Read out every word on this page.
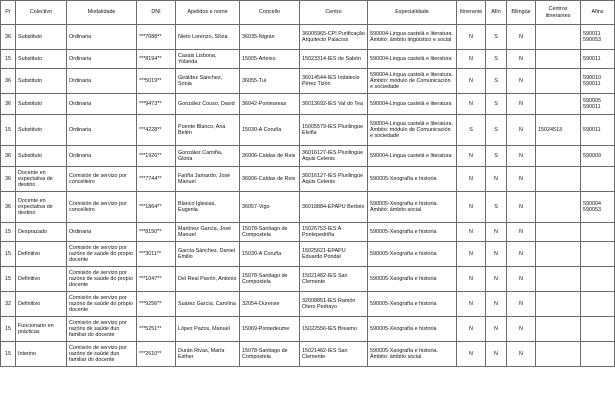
Pr	Colectivo	Modalidade	DNI	Apelidos e nome	Concello	Centro	Especialidade	Itinerante	Afín	Bilingüe	Centros itinerantes	Afins
36	Substituto	Ordinaria	***7088**	Nieto Lorenzo, Silvia	36035-Nigrán	36005965-CPI Purificação Arquitecto Palacios	590004-Lingua castelá e literatura. Ámbito: ámbito lingüístico e social	N	S	N		590011 590053
15	Substituto	Ordinaria	***8194**	Casais Lisbona, Yolanda	15005-Arteixo	15023314-IES de Sabón	590004-Lingua castelá e literatura	N	S	N		590011
36	Substituto	Ordinaria	***5019**	Giráldez Sánchez, Sonia	36055-Tui	36014544-IES Indalecio Pérez Tizón	590004-Lingua castelá e literatura. Ámbito: módulo de Comunicación e sociedade	N	S	N		590010 590011
36	Substituto	Ordinaria	***9473**	González Couso, David	36042-Ponteareas	36013692-IES Val do Tea	590004-Lingua castelá e literatura	N	S	N		590005 590011
15	Substituto	Ordinaria	***4228**	Puente Blanco, Ana Belén	15030-A Coruña	15005579-IES Plurilingüe Elviña	590004-Lingua castelá e literatura. Ámbito: módulo de Comunicación e sociedade	S	S	N	15024513	590011
36	Substituto	Ordinaria	***1926**	González Camiña, Gloria	36006-Caldas de Reis	36016127-IES Plurilingüe Aquis Celenis	590004-Lingua castelá e literatura	N	S	N		590009
36	Docente en expectativa de destino	Comisión de servizo por concelleiro	***7744**	Fariña Jamardo, José Manuel	36006-Caldas de Reis	36016127-IES Plurilingüe Aquis Celenis	590005-Xeografía e historia	N	N	N		
36	Docente en expectativa de destino	Comisión de servizo por concelleiro	***1864**	Blanco Iglesias, Eugenia	36057-Vigo	36018884-EPAPU Berbés	590005-Xeografía e historia. Ámbito: ámbito social	N	S	N		590004 590053
15	Desprazado	Ordinaria	***8150**	Martínez García, José Manuel	15078-Santiago de Compostela	15026753-IES A Pontepedriña	590005-Xeografía e historia	N	N	N		
15	Definitivo	Comisión de servizo por razóns de saúde do propio docente	***3011**	García Sánchez, Daniel Emilio	15030-A Coruña	15025621-EPAPU Eduardo Pondal	590005-Xeografía e historia	N	N	N		
15	Definitivo	Comisión de servizo por razóns de saúde do propio docente	***1047**	Del Real Pavón, Antonio	15078-Santiago de Compostela	15021482-IES San Clemente	590005-Xeografía e historia	N	N	N		
32	Definitivo	Comisión de servizo por razóns de saúde do propio docente	***9256**	Suárez García, Carolina	32054-Ourense	32008851-IES Ramón Otero Pedrayo	590005-Xeografía e historia	N	N	N		
15	Funcionario en prácticas	Comisión de servizo por razóns de saúde dun familiar do docente	***5251**	López Pazos, Manuel	15069-Pontedeume	15022556-IES Breamo	590005-Xeografía e historia	N	N	N		
15	Interino	Comisión de servizo por razóns de saúde dun familiar do docente	***2610**	Durán Rivas, María Esther	15078-Santiago de Compostela	15021482-IES San Clemente	590005-Xeografía e historia. Ámbito: ámbito social	N	N	N		
